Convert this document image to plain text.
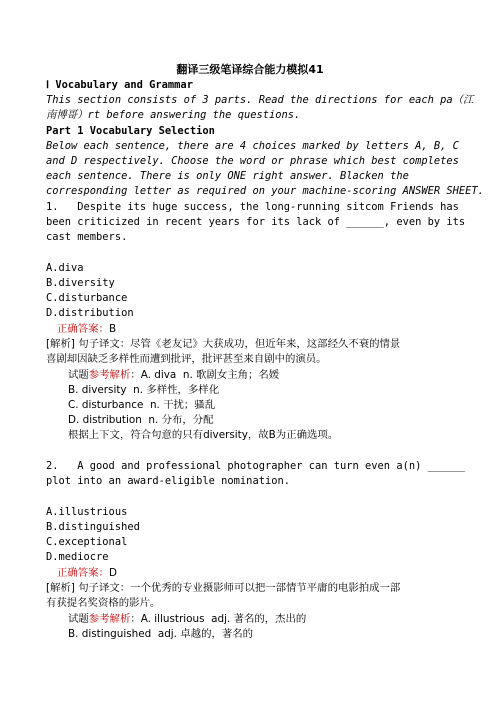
翻译三级笔译综合能力模拟41
Ⅰ Vocabulary and Grammar
This section consists of 3 parts. Read the directions for each pa（江
南博哥）rt before answering the questions.
Part 1 Vocabulary Selection
Below each sentence, there are 4 choices marked by letters A, B, C
and D respectively. Choose the word or phrase which best completes
each sentence. There is only ONE right answer. Blacken the
corresponding letter as required on your machine-scoring ANSWER SHEET.
1.   Despite its huge success, the long-running sitcom Friends has
been criticized in recent years for its lack of ______, even by its
cast members.
A.diva
B.diversity
C.disturbance
D.distribution
正确答案：B
[解析] 句子译文：尽管《老友记》大获成功，但近年来，这部经久不衰的情景
喜剧却因缺乏多样性而遭到批评，批评甚至来自剧中的演员。
试题参考解析：A. diva  n. 歌剧女主角；名媛
B. diversity  n. 多样性，多样化
C. disturbance  n. 干扰；骚乱
D. distribution  n. 分布，分配
根据上下文，符合句意的只有diversity，故B为正确选项。
2.   A good and professional photographer can turn even a(n) ______
plot into an award-eligible nomination.
A.illustrious
B.distinguished
C.exceptional
D.mediocre
正确答案：D
[解析] 句子译文：一个优秀的专业摄影师可以把一部情节平庸的电影拍成一部
有获提名奖资格的影片。
试题参考解析：A. illustrious  adj. 著名的，杰出的
B. distinguished  adj. 卓越的，著名的
